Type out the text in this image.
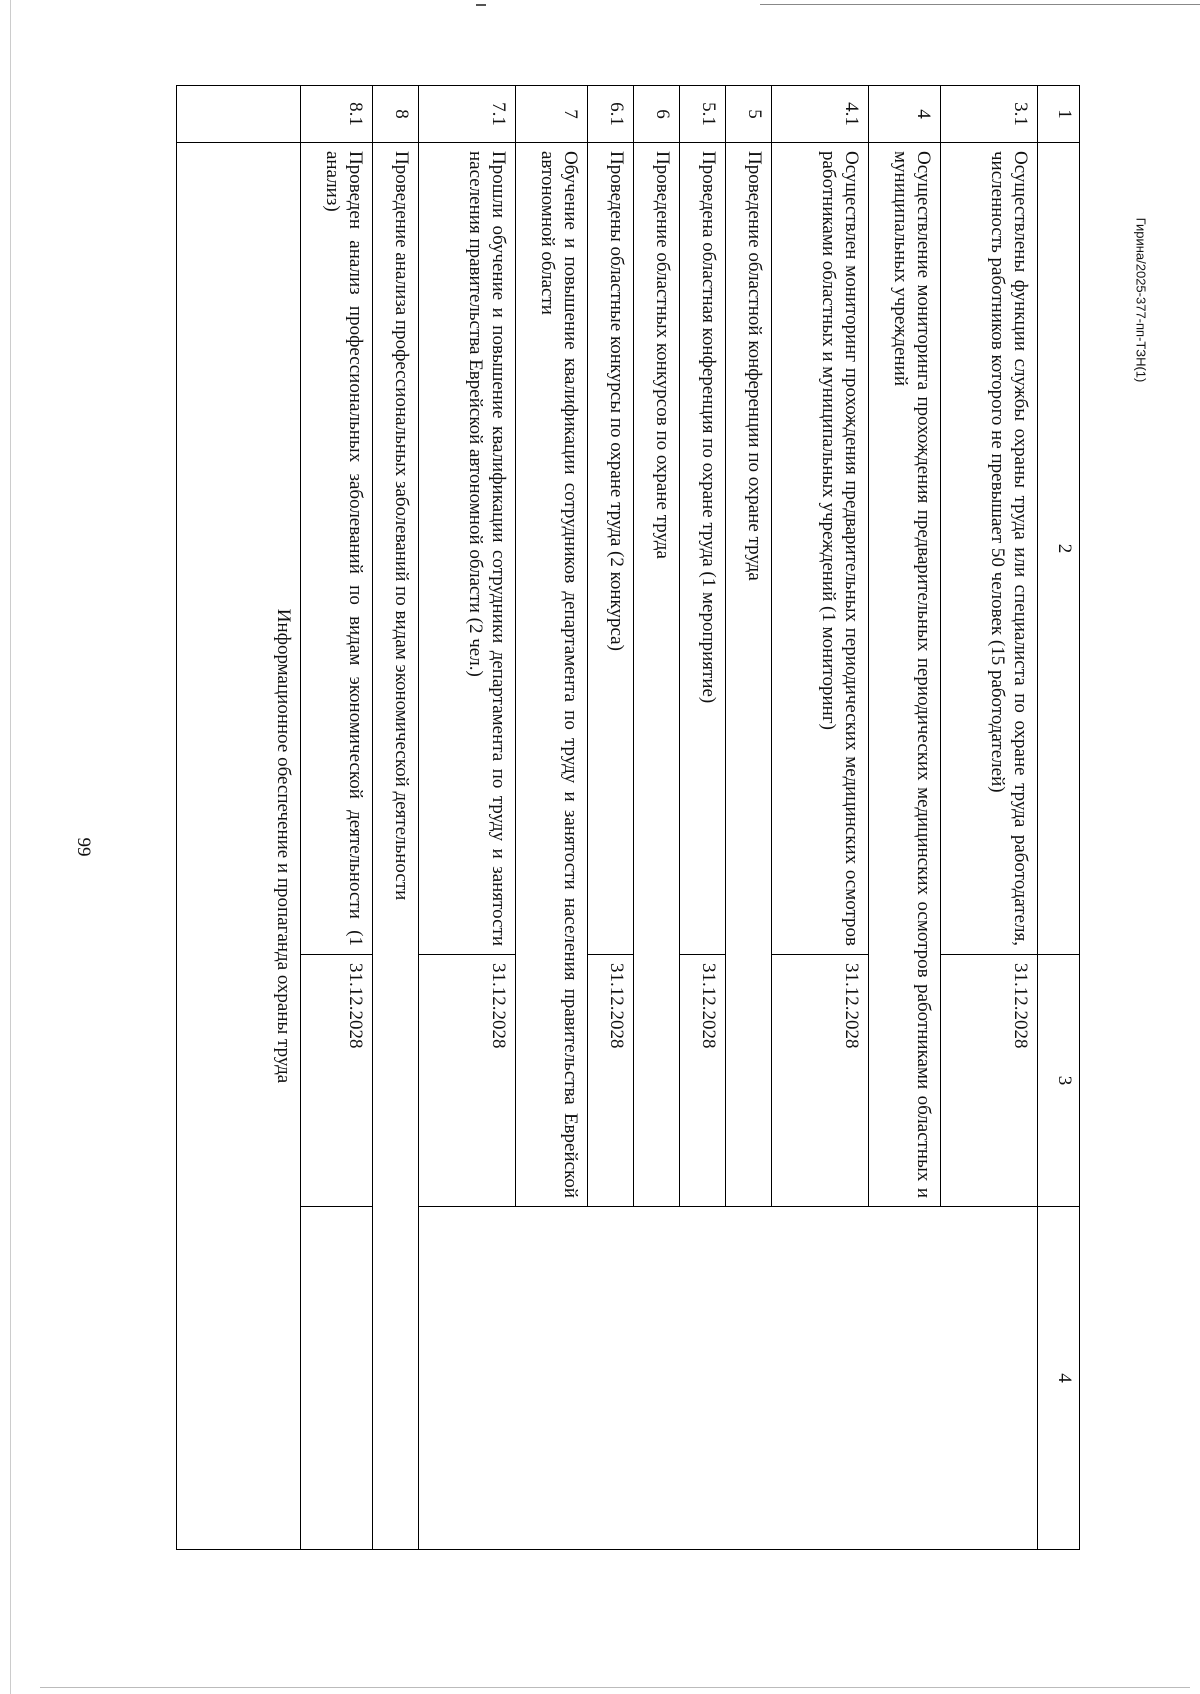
99
Гирина/2025-377-пп-ТЗН(1)
1	2	3	4
3.1	Осуществлены функции службы охраны труда или специалиста по охране труда работодателя, численность работников которого не превышает 50 человек (15 работодателей)	31.12.2028	
4	Осуществление мониторинга прохождения предварительных периодических медицинских осмотров работниками областных и муниципальных учреждений		
4.1	Осуществлен мониторинг прохождения предварительных периодических медицинских осмотров работниками областных и муниципальных учреждений (1 мониторинг)	31.12.2028	
5	Проведение областной конференции по охране труда		
5.1	Проведена областная конференция по охране труда (1 мероприятие)	31.12.2028	
6	Проведение областных конкурсов по охране труда		
6.1	Проведены областные конкурсы по охране труда (2 конкурса)	31.12.2028	
7	Обучение и повышение квалификации сотрудников департамента по труду и занятости населения правительства Еврейской автономной области		
7.1	Прошли обучение и повышение квалификации сотрудники департамента по труду и занятости населения правительства Еврейской автономной области (2 чел.)	31.12.2028	
8	Проведение анализа профессиональных заболеваний по видам экономической деятельности		
8.1	Проведен анализ профессиональных заболеваний по видам экономической деятельности (1 анализ)	31.12.2028	
	Информационное обеспечение и пропаганда охраны труда		
